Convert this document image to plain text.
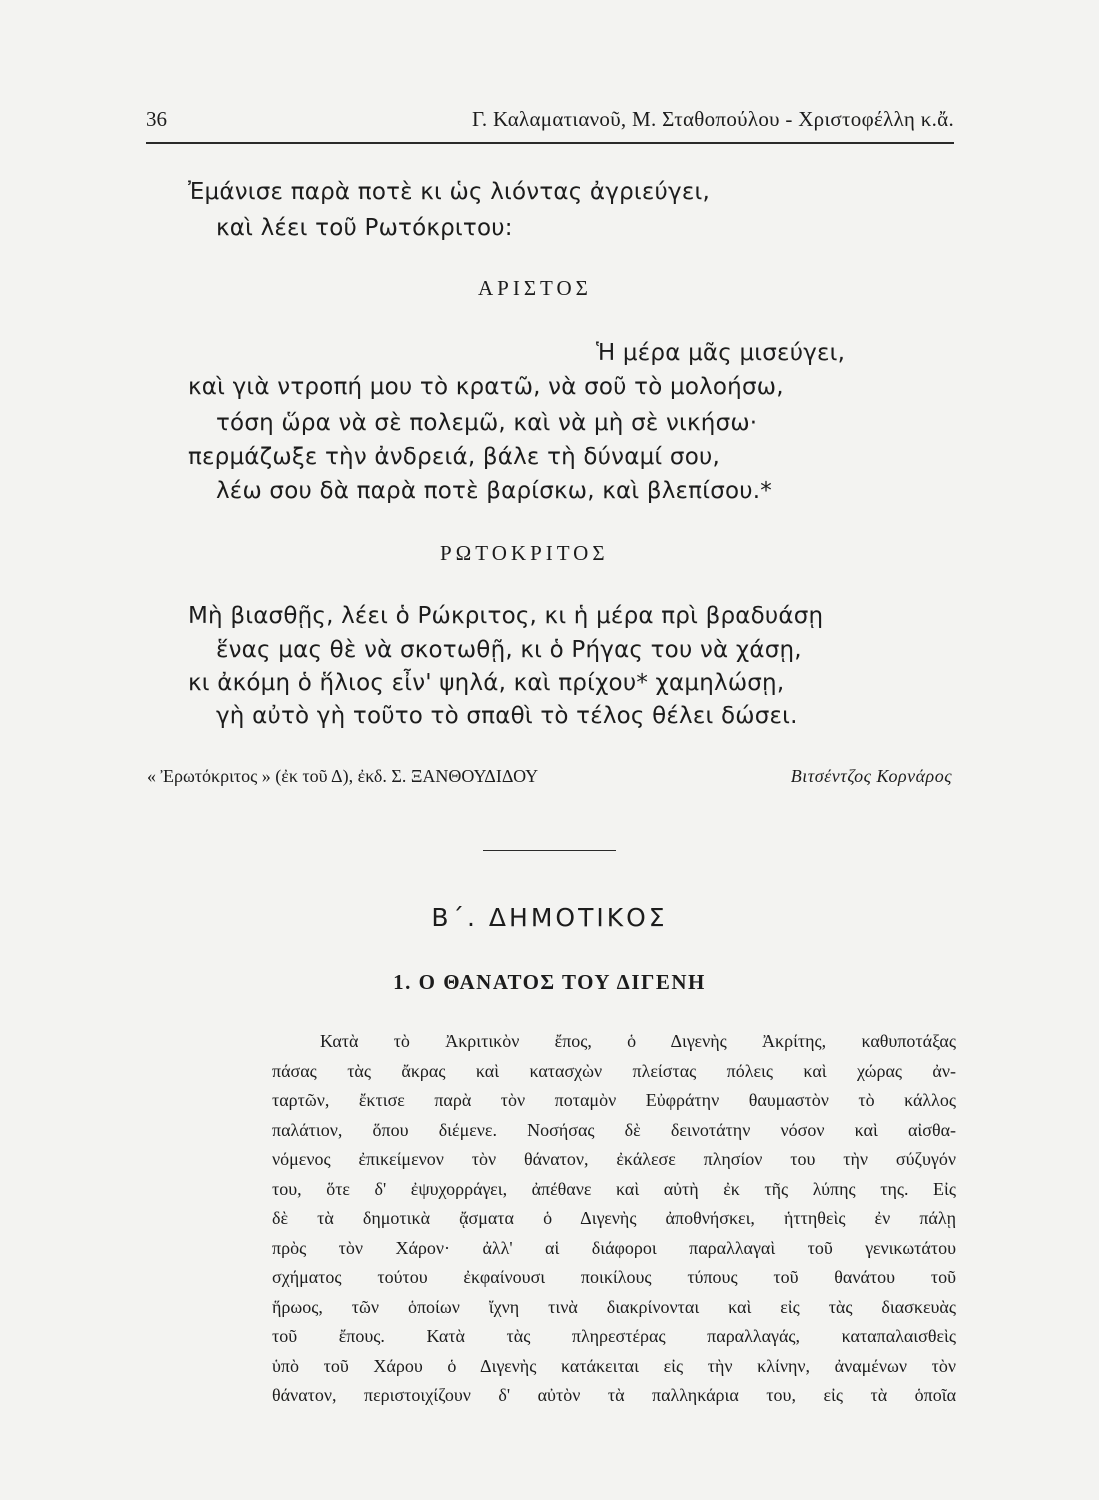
36	Γ. Καλαματιανοῦ, Μ. Σταθοπούλου - Χριστοφέλλη κ.ἄ.
Ἐμάνισε παρὰ ποτὲ κι ὡς λιόντας ἀγριεύγει,
καὶ λέει τοῦ Ρωτόκριτου:
ΑΡΙΣΤΟΣ
Ἡ μέρα μᾶς μισεύγει,
καὶ γιὰ ντροπή μου τὸ κρατῶ, νὰ σοῦ τὸ μολοήσω,
τόση ὥρα νὰ σὲ πολεμῶ, καὶ νὰ μὴ σὲ νικήσω·
περμάζωξε τὴν ἀνδρειά, βάλε τὴ δύναμί σου,
λέω σου δὰ παρὰ ποτὲ βαρίσκω, καὶ βλεπίσου.*
ΡΩΤΟΚΡΙΤΟΣ
Μὴ βιασθῇς, λέει ὁ Ρώκριτος, κι ἡ μέρα πρὶ βραδυάσῃ
ἕνας μας θὲ νὰ σκοτωθῇ, κι ὁ Ρήγας του νὰ χάσῃ,
κι ἀκόμη ὁ ἥλιος εἶν' ψηλά, καὶ πρίχου* χαμηλώσῃ,
γὴ αὐτὸ γὴ τοῦτο τὸ σπαθὶ τὸ τέλος θέλει δώσει.
« Ἐρωτόκριτος » (ἐκ τοῦ Δ), ἐκδ. Σ. ΞΑΝΘΟΥΔΙΔΟΥ	Βιτσέντζος Κορνάρος
Β΄. ΔΗΜΟΤΙΚΟΣ
1. Ο ΘΑΝΑΤΟΣ ΤΟΥ ΔΙΓΕΝΗ
Κατὰ τὸ Ἀκριτικὸν ἔπος, ὁ Διγενὴς Ἀκρίτης, καθυποτάξας
πάσας τὰς ἄκρας καὶ κατασχὼν πλείστας πόλεις καὶ χώρας ἀν-
ταρτῶν, ἔκτισε παρὰ τὸν ποταμὸν Εὐφράτην θαυμαστὸν τὸ κάλλος
παλάτιον, ὅπου διέμενε. Νοσήσας δὲ δεινοτάτην νόσον καὶ αἰσθα-
νόμενος ἐπικείμενον τὸν θάνατον, ἐκάλεσε πλησίον του τὴν σύζυγόν
του, ὅτε δ' ἐψυχορράγει, ἀπέθανε καὶ αὐτὴ ἐκ τῆς λύπης της. Εἰς
δὲ τὰ δημοτικὰ ᾄσματα ὁ Διγενὴς ἀποθνήσκει, ἡττηθεὶς ἐν πάλῃ
πρὸς τὸν Χάρον· ἀλλ' αἱ διάφοροι παραλλαγαὶ τοῦ γενικωτάτου
σχήματος τούτου ἐκφαίνουσι ποικίλους τύπους τοῦ θανάτου τοῦ
ἥρωος, τῶν ὁποίων ἴχνη τινὰ διακρίνονται καὶ εἰς τὰς διασκευὰς
τοῦ ἔπους. Κατὰ τὰς πληρεστέρας παραλλαγάς, καταπαλαισθεὶς
ὑπὸ τοῦ Χάρου ὁ Διγενὴς κατάκειται εἰς τὴν κλίνην, ἀναμένων τὸν
θάνατον, περιστοιχίζουν δ' αὐτὸν τὰ παλληκάρια του, εἰς τὰ ὁποῖα
